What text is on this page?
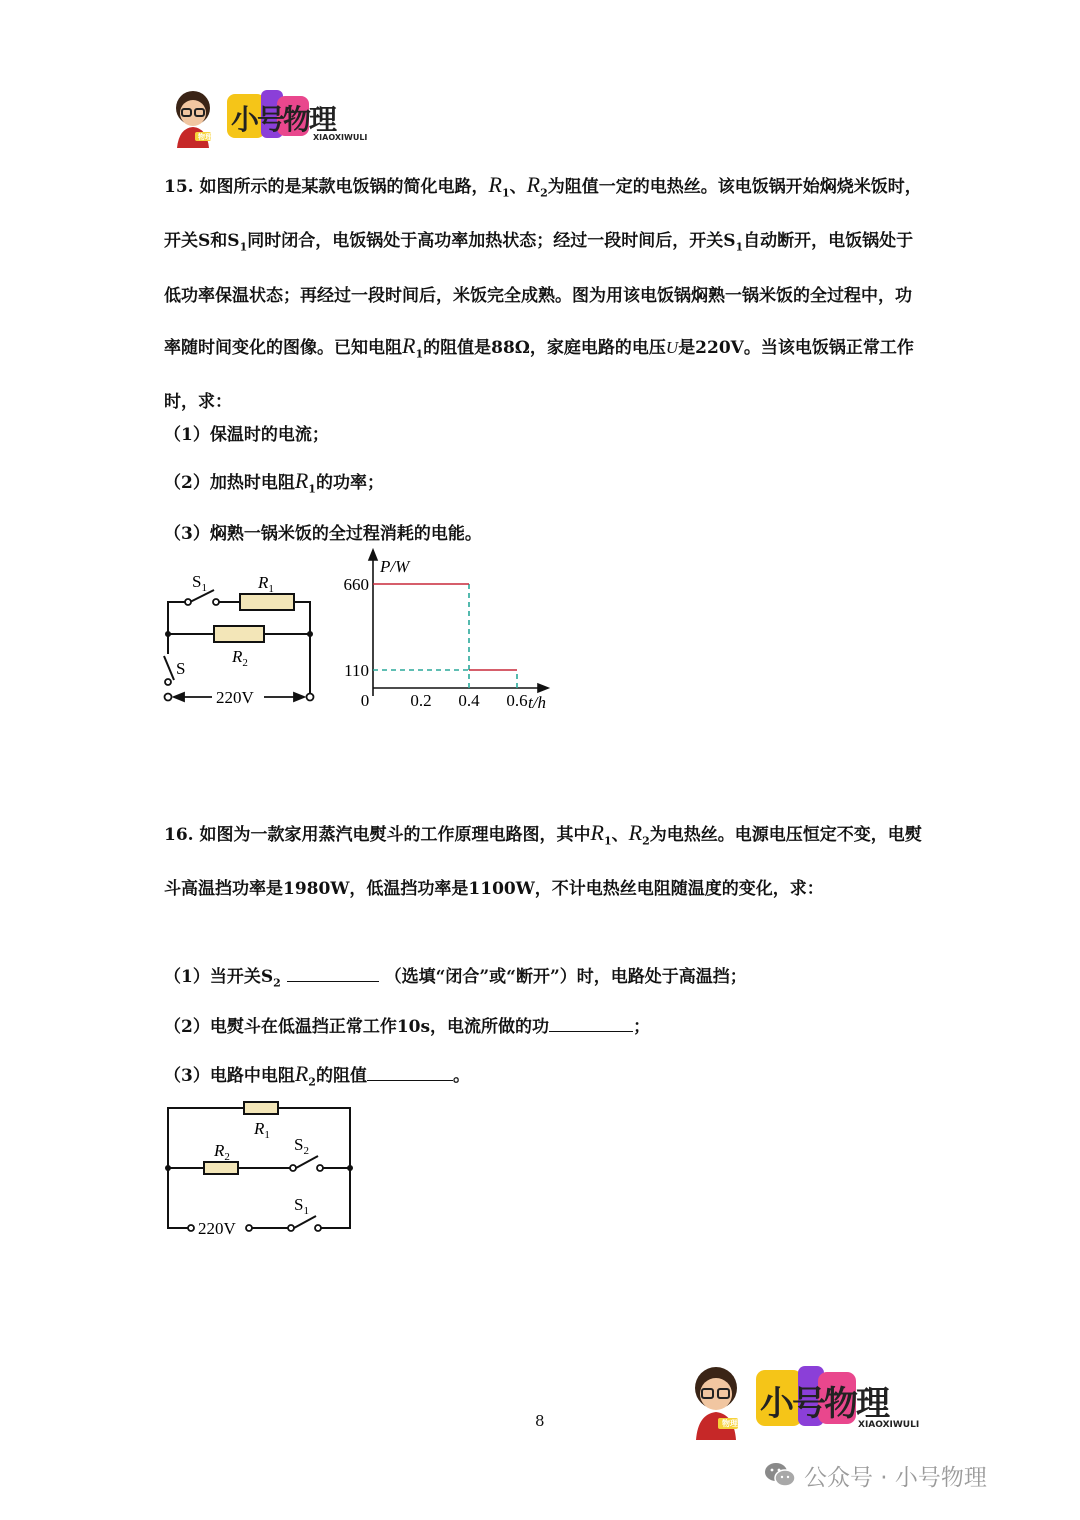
物理
小号物理
XIAOXIWULI
15. 如图所示的是某款电饭锅的简化电路，$R_1$、$R_2$为阻值一定的电热丝。该电饭锅开始焖烧米饭时，开关S和$S_1$同时闭合，电饭锅处于高功率加热状态；经过一段时间后，开关$S_1$自动断开，电饭锅处于低功率保温状态；再经过一段时间后，米饭完全成熟。图为用该电饭锅焖熟一锅米饭的全过程中，功率随时间变化的图像。已知电阻$R_1$的阻值是88Ω，家庭电路的电压U是220V。当该电饭锅正常工作时，求：
（1）保温时的电流；
（2）加热时电阻$R_1$的功率；
（3）焖熟一锅米饭的全过程消耗的电能。
$S_1$	$R_1$
$R_2$
S
220V	0 0.2 0.4 0.6
110
660
P/W
t/h
16. 如图为一款家用蒸汽电熨斗的工作原理电路图，其中$R_1$、$R_2$为电热丝。电源电压恒定不变，电熨斗高温挡功率是1980W，低温挡功率是1100W，不计电热丝电阻随温度的变化，求：
（1）当开关$S_2$	（选填“闭合”或“断开”）时，电路处于高温挡；
（2）电熨斗在低温挡正常工作10s，电流所做的功	；
（3）电路中电阻$R_2$的阻值	。
$R_1$
$R_2$
$S_2$
$S_1$
220V
物理 小号物理
XIAOXIWULI
8
公众号 · 小号物理
